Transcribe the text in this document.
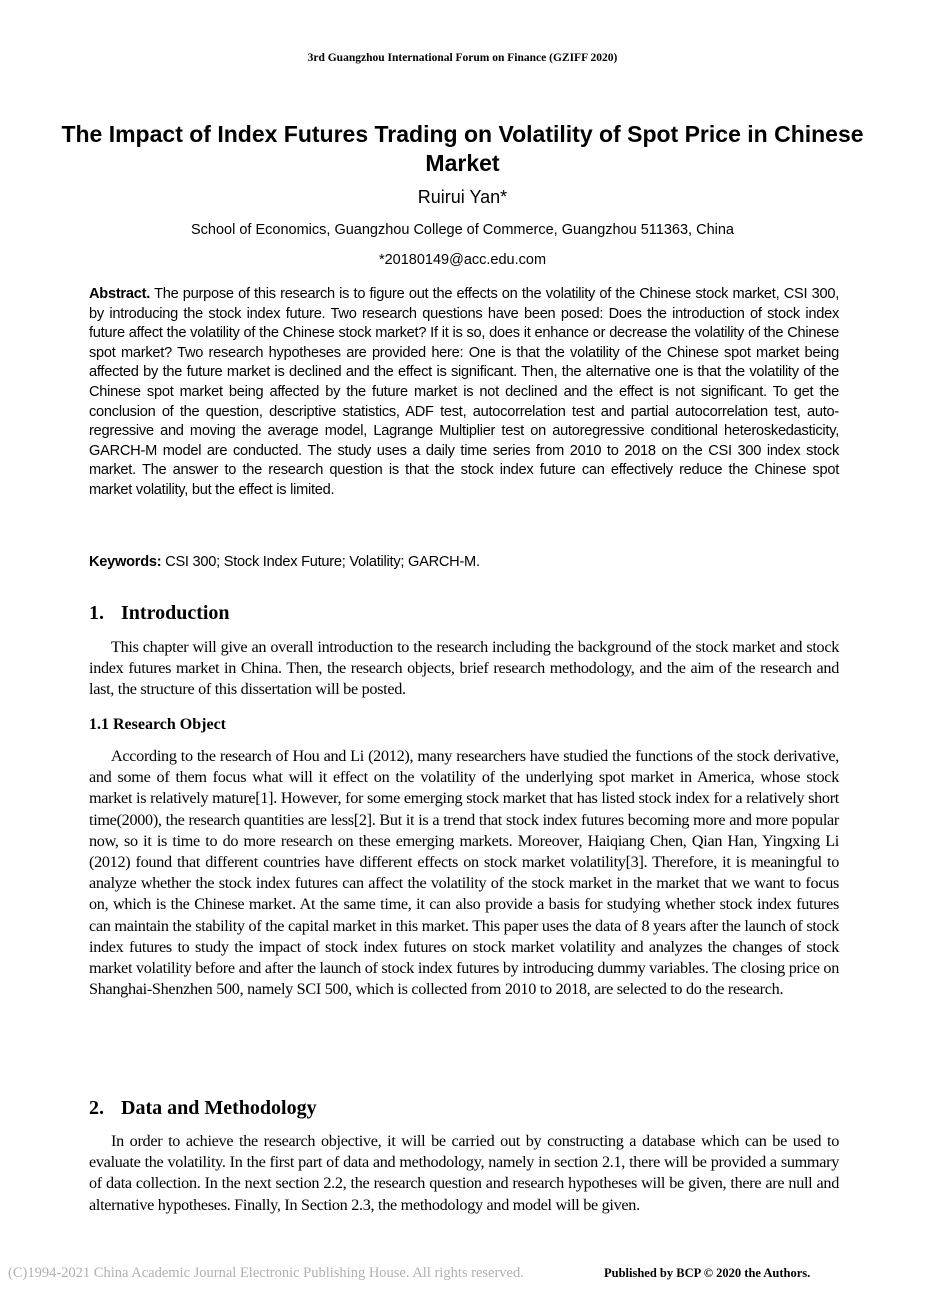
3rd Guangzhou International Forum on Finance (GZIFF 2020)
The Impact of Index Futures Trading on Volatility of Spot Price in Chinese Market
Ruirui Yan*
School of Economics, Guangzhou College of Commerce, Guangzhou 511363, China
*20180149@acc.edu.com
Abstract. The purpose of this research is to figure out the effects on the volatility of the Chinese stock market, CSI 300, by introducing the stock index future. Two research questions have been posed: Does the introduction of stock index future affect the volatility of the Chinese stock market? If it is so, does it enhance or decrease the volatility of the Chinese spot market? Two research hypotheses are provided here: One is that the volatility of the Chinese spot market being affected by the future market is declined and the effect is significant. Then, the alternative one is that the volatility of the Chinese spot market being affected by the future market is not declined and the effect is not significant. To get the conclusion of the question, descriptive statistics, ADF test, autocorrelation test and partial autocorrelation test, auto-regressive and moving the average model, Lagrange Multiplier test on autoregressive conditional heteroskedasticity, GARCH-M model are conducted. The study uses a daily time series from 2010 to 2018 on the CSI 300 index stock market. The answer to the research question is that the stock index future can effectively reduce the Chinese spot market volatility, but the effect is limited.
Keywords: CSI 300; Stock Index Future; Volatility; GARCH-M.
1. Introduction
This chapter will give an overall introduction to the research including the background of the stock market and stock index futures market in China. Then, the research objects, brief research methodology, and the aim of the research and last, the structure of this dissertation will be posted.
1.1 Research Object
According to the research of Hou and Li (2012), many researchers have studied the functions of the stock derivative, and some of them focus what will it effect on the volatility of the underlying spot market in America, whose stock market is relatively mature[1]. However, for some emerging stock market that has listed stock index for a relatively short time(2000), the research quantities are less[2]. But it is a trend that stock index futures becoming more and more popular now, so it is time to do more research on these emerging markets. Moreover, Haiqiang Chen, Qian Han, Yingxing Li (2012) found that different countries have different effects on stock market volatility[3]. Therefore, it is meaningful to analyze whether the stock index futures can affect the volatility of the stock market in the market that we want to focus on, which is the Chinese market. At the same time, it can also provide a basis for studying whether stock index futures can maintain the stability of the capital market in this market. This paper uses the data of 8 years after the launch of stock index futures to study the impact of stock index futures on stock market volatility and analyzes the changes of stock market volatility before and after the launch of stock index futures by introducing dummy variables. The closing price on Shanghai-Shenzhen 500, namely SCI 500, which is collected from 2010 to 2018, are selected to do the research.
2. Data and Methodology
In order to achieve the research objective, it will be carried out by constructing a database which can be used to evaluate the volatility. In the first part of data and methodology, namely in section 2.1, there will be provided a summary of data collection. In the next section 2.2, the research question and research hypotheses will be given, there are null and alternative hypotheses. Finally, In Section 2.3, the methodology and model will be given.
(C)1994-2021 China Academic Journal Electronic Publishing House. All rights reserved.	Published by BCP © 2020 the Authors.
